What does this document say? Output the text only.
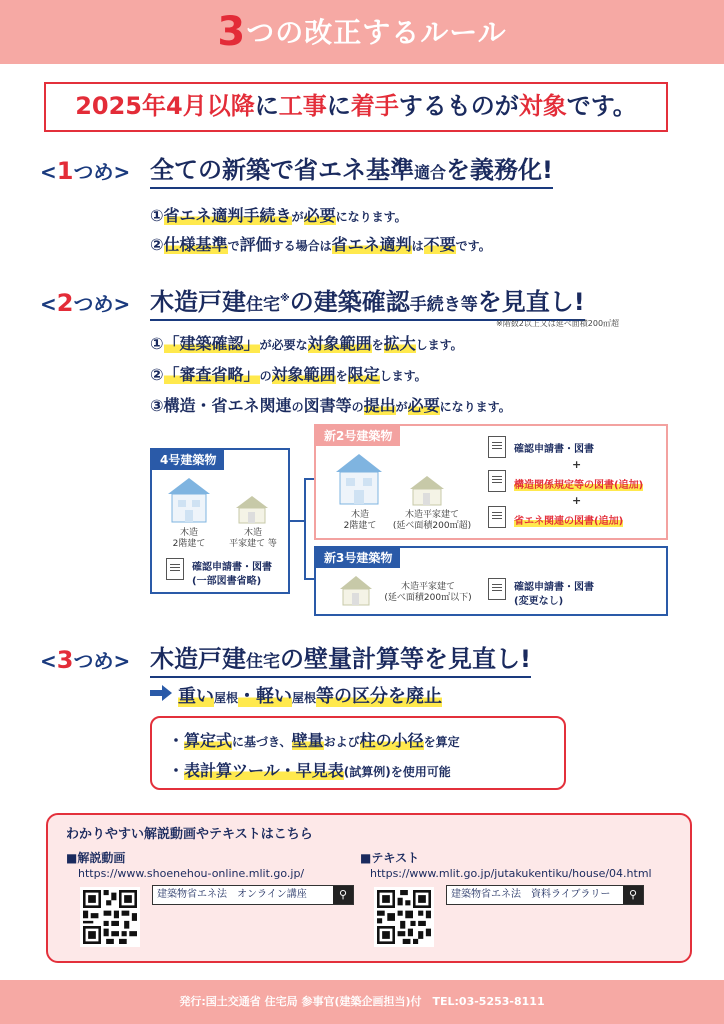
3つの改正するルール
2025年4月以降に工事に着手するものが対象です。
<1つめ> 全ての新築で省エネ基準適合を義務化!
①省エネ適判手続きが必要になります。
②仕様基準で評価する場合は省エネ適判は不要です。
<2つめ> 木造戸建住宅※の建築確認手続き等を見直し!
※階数2以上又は延べ面積200㎡超
①「建築確認」が必要な対象範囲を拡大します。
②「審査省略」の対象範囲を限定します。
③構造・省エネ関連の図書等の提出が必要になります。
4号建築物
木造
2階建て
木造
平家建て 等
確認申請書・図書
(一部図書省略)
新2号建築物
木造
2階建て
木造平家建て
(延べ面積200㎡超)
確認申請書・図書
+
構造関係規定等の図書(追加)
+
省エネ関連の図書(追加)
新3号建築物
木造平家建て
(延べ面積200㎡以下)
確認申請書・図書
(変更なし)
<3つめ> 木造戸建住宅の壁量計算等を見直し!
重い屋根・軽い屋根等の区分を廃止
・算定式に基づき、壁量および柱の小径を算定
・表計算ツール・早見表(試算例)を使用可能
わかりやすい解説動画やテキストはこちら
■解説動画
https://www.shoenehou-online.mlit.go.jp/
建築物省エネ法　オンライン講座	⚲
■テキスト
https://www.mlit.go.jp/jutakukentiku/house/04.html
建築物省エネ法　資料ライブラリー	⚲
発行:国土交通省 住宅局 参事官(建築企画担当)付　TEL:03-5253-8111
